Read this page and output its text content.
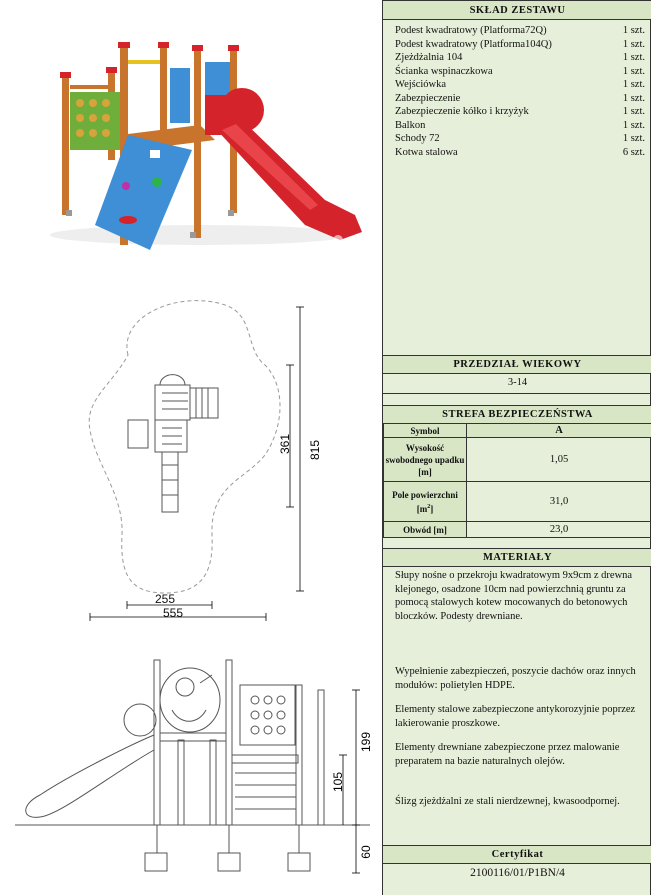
815
361
255
555
199
105
60
SKŁAD ZESTAWU
Podest kwadratowy (Platforma72Q)	1 szt.
Podest kwadratowy (Platforma104Q)	1 szt.
Zjeżdżalnia 104	1 szt.
Ścianka wspinaczkowa	1 szt.
Wejściówka	1 szt.
Zabezpieczenie	1 szt.
Zabezpieczenie kółko i krzyżyk	1 szt.
Balkon	1 szt.
Schody 72	1 szt.
Kotwa stalowa	6 szt.
PRZEDZIAŁ WIEKOWY
3-14
STREFA BEZPIECZEŃSTWA
Symbol	A
Wysokość swobodnego upadku [m]	1,05
Pole powierzchni
$[m^2]$	31,0
Obwód [m]	23,0
MATERIAŁY
Słupy nośne o przekroju kwadratowym 9x9cm z drewna klejonego, osadzone 10cm nad powierzchnią gruntu za pomocą stalowych kotew mocowanych do betonowych bloczków. Podesty drewniane.
Wypełnienie zabezpieczeń, poszycie dachów oraz innych modułów: polietylen HDPE.
Elementy stalowe zabezpieczone antykorozyjnie poprzez lakierowanie proszkowe.
Elementy drewniane zabezpieczone przez malowanie preparatem na bazie naturalnych olejów.
Ślizg zjeżdżalni ze stali nierdzewnej, kwasoodpornej.
Certyfikat
2100116/01/P1BN/4
